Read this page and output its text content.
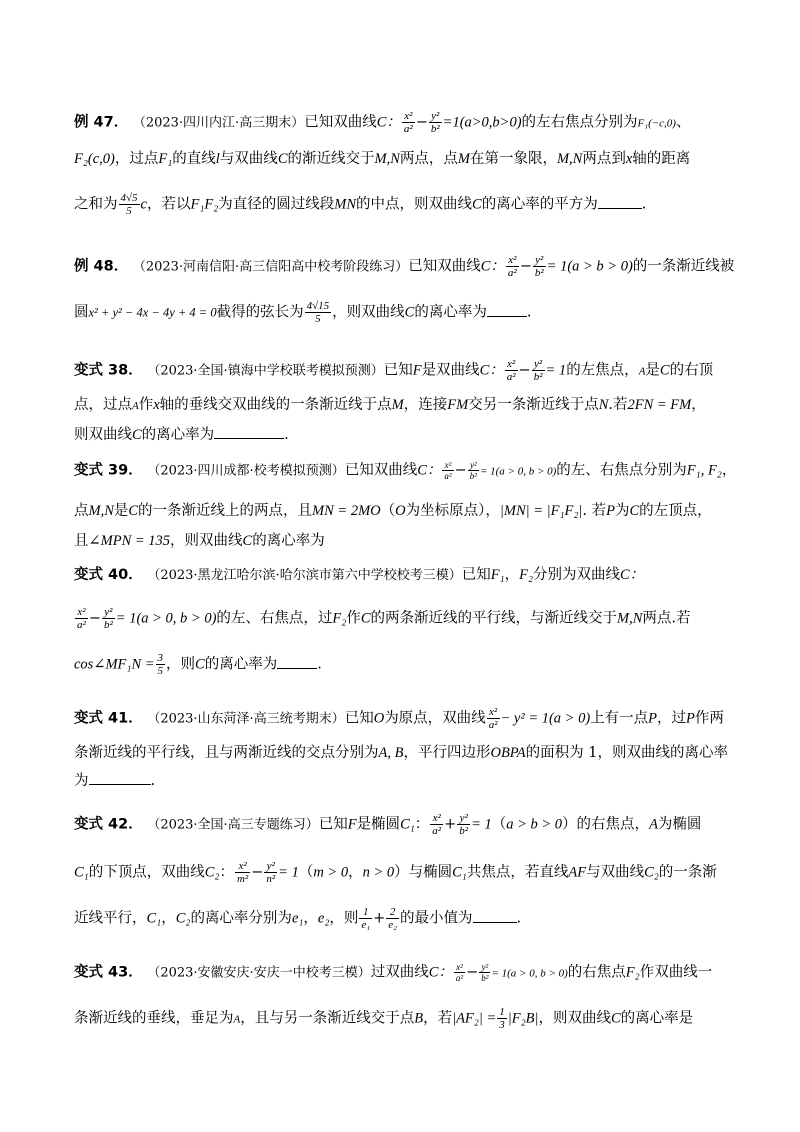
例 47． （2023·四川内江·高三期末）已知双曲线C： $\frac{\text{x²}}{\text{a²}} - \frac{\text{y²}}{\text{b²}} =1(a>0,b>0)$的左右焦点分别为F₁(−c,0)、
F₂(c,0)，过点F₁的直线l与双曲线C的渐近线交于M,N两点，点M在第一象限，M,N两点到x轴的距离
之和为 $\frac{4√5}{5}$ c，若以F₁F₂为直径的圆过线段MN的中点，则双曲线C的离心率的平方为	.
例 48． （2023·河南信阳·高三信阳高中校考阶段练习）已知双曲线C： $\frac{\text{x²}}{\text{a²}} - \frac{\text{y²}}{\text{b²}} = 1(a > b > 0)$的一条渐近线被
圆x² + y² − 4x − 4y + 4 = 0截得的弦长为 $\frac{4√15}{5}$ ，则双曲线C的离心率为	.
变式 38． （2023·全国·镇海中学校联考模拟预测）已知F是双曲线C： $\frac{\text{x²}}{\text{a²}} - \frac{\text{y²}}{\text{b²}} = 1$的左焦点，A是C的右顶
点，过点A作x轴的垂线交双曲线的一条渐近线于点M，连接FM交另一条渐近线于点N.若2FN = FM，
则双曲线C的离心率为	.
变式 39． （2023·四川成都·校考模拟预测）已知双曲线C： $\frac{\text{x²}}{\text{a²}} - \frac{\text{y²}}{\text{b²}} = 1(a > 0$, b > 0)的左、右焦点分别为F₁, F₂，
点M,N是C的一条渐近线上的两点，且MN = 2MO（O为坐标原点），|MN| = |F₁F₂|. 若P为C的左顶点，
且∠MPN = 135，则双曲线C的离心率为
变式 40． （2023·黑龙江哈尔滨·哈尔滨市第六中学校校考三模）已知F₁，F₂分别为双曲线C：
$\frac{\text{x²}}{\text{a²}} - \frac{\text{y²}}{\text{b²}} = 1(a > 0$, b > 0)的左、右焦点，过F₂作C的两条渐近线的平行线，与渐近线交于M,N两点.若
cos∠MF₁N = $\frac{3}{5}$ ，则C的离心率为	.
变式 41． （2023·山东菏泽·高三统考期末）已知O为原点，双曲线 $\frac{\text{x²}}{\text{a²}} - y^2 = 1(a > 0)$上有一点P，过P作两
条渐近线的平行线，且与两渐近线的交点分别为A, B，平行四边形OBPA的面积为 1，则双曲线的离心率
为	.
变式 42． （2023·全国·高三专题练习）已知F是椭圆C₁： $\frac{\text{x²}}{\text{a²}} + \frac{\text{y²}}{\text{b²}} = 1(a > b > 0)$的右焦点，A为椭圆
C₁的下顶点，双曲线C₂： $\frac{\text{x²}}{\text{m²}} - \frac{\text{y²}}{\text{n²}} = 1(m > 0$，n > 0）与椭圆C₁共焦点，若直线AF与双曲线C₂的一条渐
近线平行，C₁，C₂的离心率分别为e₁，e₂，则 $\frac{1}{\text{e₁}} + \frac{2}{\text{e₂}}$ 的最小值为	.
变式 43． （2023·安徽安庆·安庆一中校考三模）过双曲线C： $\frac{\text{x²}}{\text{a²}} - \frac{\text{y²}}{\text{b²}} = 1(a > 0$, b > 0)的右焦点F₂作双曲线一
条渐近线的垂线，垂足为A，且与另一条渐近线交于点B，若$|AF_2| = \frac{1}{3} |F_2B|$，则双曲线C的离心率是
